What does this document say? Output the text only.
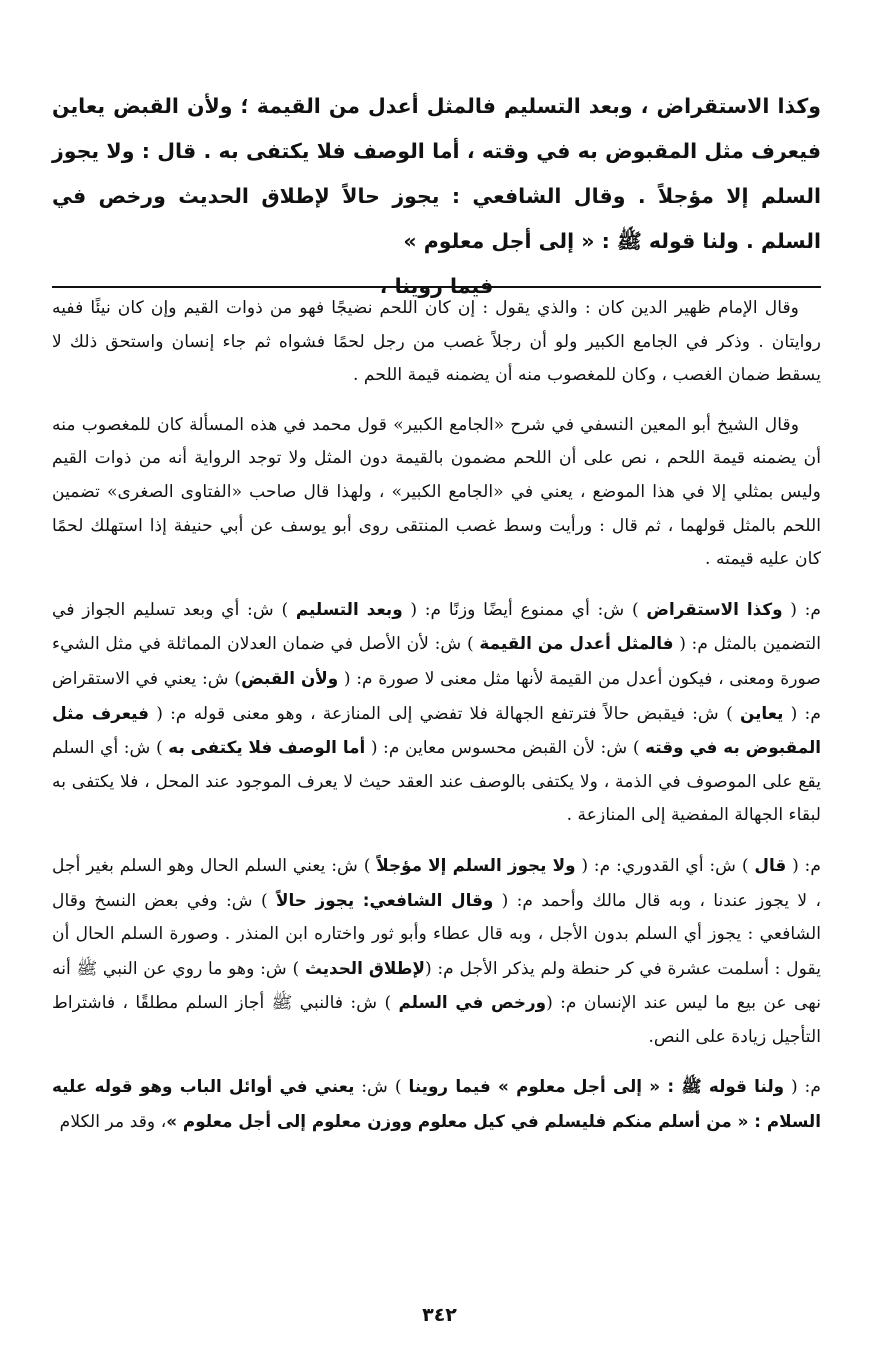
وكذا الاستقراض ، وبعد التسليم فالمثل أعدل من القيمة ؛ ولأن القبض يعاين فيعرف مثل المقبوض به في وقته ، أما الوصف فلا يكتفى به . قال : ولا يجوز السلم إلا مؤجلاً . وقال الشافعي : يجوز حالاً لإطلاق الحديث ورخص في السلم . ولنا قوله ﷺ : « إلى أجل معلوم »

فيما روينا ،

وقال الإمام ظهير الدين كان : والذي يقول : إن كان اللحم نضيجًا فهو من ذوات القيم وإن كان نيئًا ففيه روايتان . وذكر في الجامع الكبير ولو أن رجلاً غصب من رجل لحمًا فشواه ثم جاء إنسان واستحق ذلك لا يسقط ضمان الغصب ، وكان للمغصوب منه أن يضمنه قيمة اللحم .

وقال الشيخ أبو المعين النسفي في شرح «الجامع الكبير» قول محمد في هذه المسألة كان للمغصوب منه أن يضمنه قيمة اللحم ، نص على أن اللحم مضمون بالقيمة دون المثل ولا توجد الرواية أنه من ذوات القيم وليس بمثلي إلا في هذا الموضع ، يعني في «الجامع الكبير» ، ولهذا قال صاحب «الفتاوى الصغرى» تضمين اللحم بالمثل قولهما ، ثم قال : ورأيت وسط غصب المنتقى روى أبو يوسف عن أبي حنيفة إذا استهلك لحمًا كان عليه قيمته .

م: ( وكذا الاستقراض ) ش: أي ممنوع أيضًا وزنًا م: ( وبعد التسليم ) ش: أي وبعد تسليم الجواز في التضمين بالمثل م: ( فالمثل أعدل من القيمة ) ش: لأن الأصل في ضمان العدلان المماثلة في مثل الشيء صورة ومعنى ، فيكون أعدل من القيمة لأنها مثل معنى لا صورة م: ( ولأن القبض) ش: يعني في الاستقراض م: ( يعاين ) ش: فيقبض حالاً فترتفع الجهالة فلا تفضي إلى المنازعة ، وهو معنى قوله م: ( فيعرف مثل المقبوض به في وقته ) ش: لأن القبض محسوس معاين م: ( أما الوصف فلا يكتفى به ) ش: أي السلم يقع على الموصوف في الذمة ، ولا يكتفى بالوصف عند العقد حيث لا يعرف الموجود عند المحل ، فلا يكتفى به لبقاء الجهالة المفضية إلى المنازعة .

م: ( قال ) ش: أي القدوري: م: ( ولا يجوز السلم إلا مؤجلاً ) ش: يعني السلم الحال وهو السلم بغير أجل ، لا يجوز عندنا ، وبه قال مالك وأحمد م: ( وقال الشافعي: يجوز حالاً ) ش: وفي بعض النسخ وقال الشافعي : يجوز أي السلم بدون الأجل ، وبه قال عطاء وأبو ثور واختاره ابن المنذر . وصورة السلم الحال أن يقول : أسلمت عشرة في كر حنطة ولم يذكر الأجل م: (لإطلاق الحديث ) ش: وهو ما روي عن النبي ﷺ أنه نهى عن بيع ما ليس عند الإنسان م: (ورخص في السلم ) ش: فالنبي ﷺ أجاز السلم مطلقًا ، فاشتراط التأجيل زيادة على النص.

م: ( ولنا قوله ﷺ : « إلى أجل معلوم » فيما روينا ) ش: يعني في أوائل الباب وهو قوله عليه السلام : « من أسلم منكم فليسلم في كيل معلوم ووزن معلوم إلى أجل معلوم »، وقد مر الكلام

٣٤٢
